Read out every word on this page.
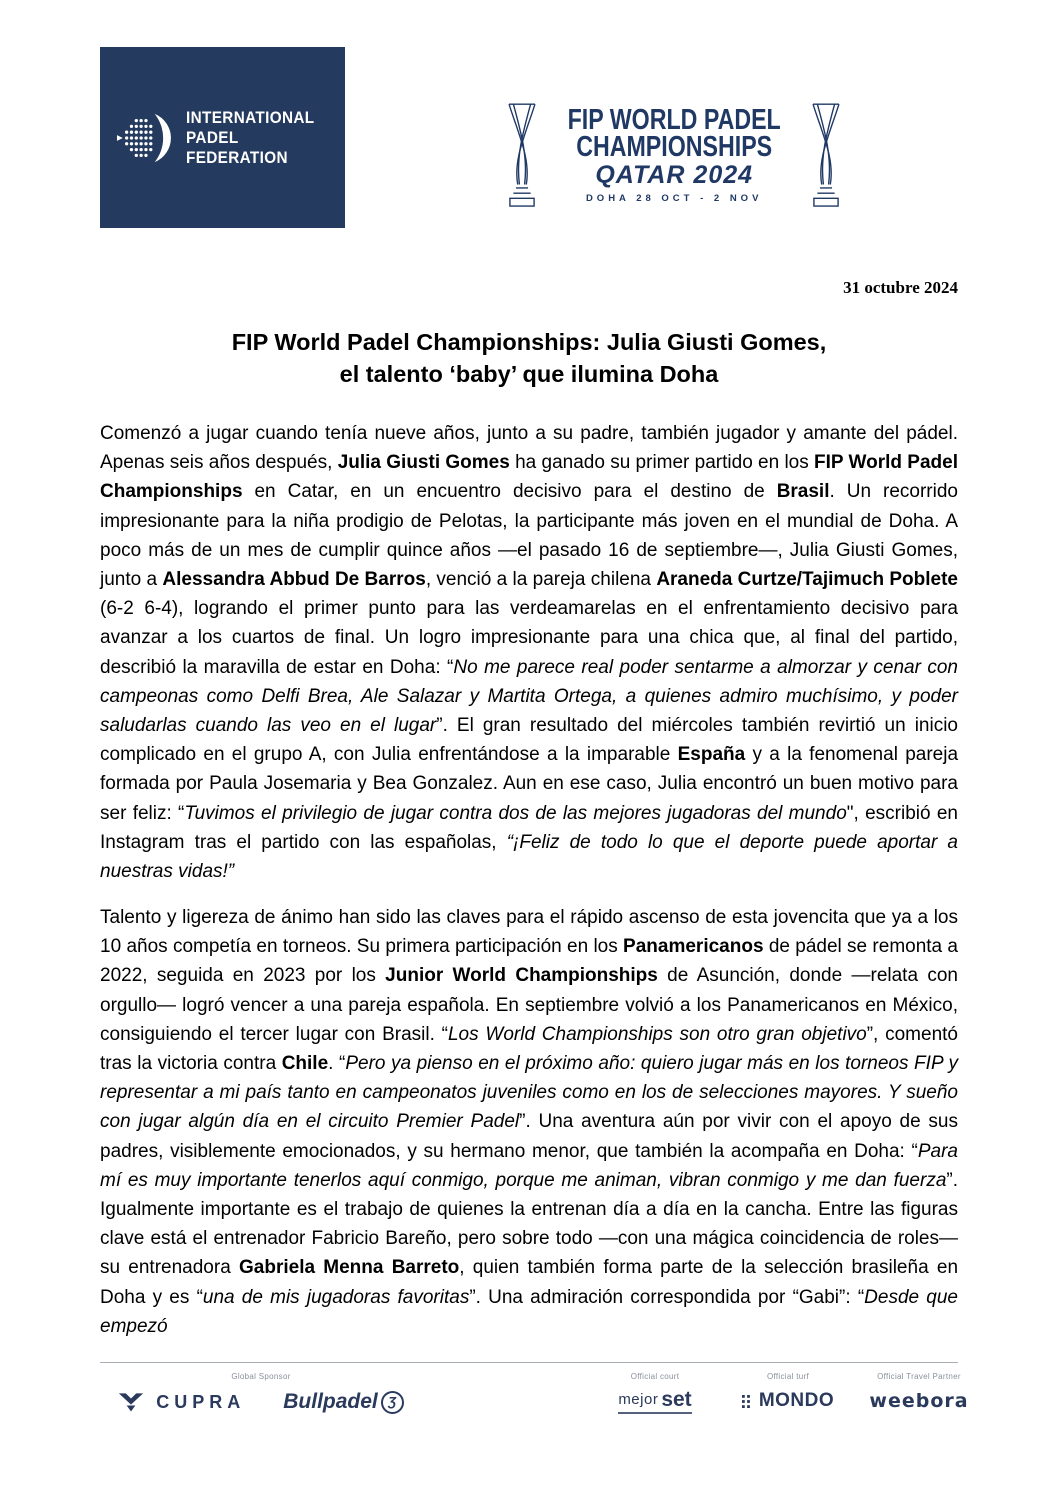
INTERNATIONAL
PADEL
FEDERATION
FIP WORLD PADEL
CHAMPIONSHIPS
QATAR 2024
DOHA 28 OCT - 2 NOV
31 octubre 2024
FIP World Padel Championships: Julia Giusti Gomes,
el talento ‘baby’ que ilumina Doha

Comenzó a jugar cuando tenía nueve años, junto a su padre, también jugador y amante del pádel. Apenas seis años después, Julia Giusti Gomes ha ganado su primer partido en los FIP World Padel Championships en Catar, en un encuentro decisivo para el destino de Brasil. Un recorrido impresionante para la niña prodigio de Pelotas, la participante más joven en el mundial de Doha. A poco más de un mes de cumplir quince años —el pasado 16 de septiembre—, Julia Giusti Gomes, junto a Alessandra Abbud De Barros, venció a la pareja chilena Araneda Curtze/Tajimuch Poblete (6-2 6-4), logrando el primer punto para las verdeamarelas en el enfrentamiento decisivo para avanzar a los cuartos de final. Un logro impresionante para una chica que, al final del partido, describió la maravilla de estar en Doha: “No me parece real poder sentarme a almorzar y cenar con campeonas como Delfi Brea, Ale Salazar y Martita Ortega, a quienes admiro muchísimo, y poder saludarlas cuando las veo en el lugar”. El gran resultado del miércoles también revirtió un inicio complicado en el grupo A, con Julia enfrentándose a la imparable España y a la fenomenal pareja formada por Paula Josemaria y Bea Gonzalez. Aun en ese caso, Julia encontró un buen motivo para ser feliz: “Tuvimos el privilegio de jugar contra dos de las mejores jugadoras del mundo", escribió en Instagram tras el partido con las españolas, “¡Feliz de todo lo que el deporte puede aportar a nuestras vidas!”

Talento y ligereza de ánimo han sido las claves para el rápido ascenso de esta jovencita que ya a los 10 años competía en torneos. Su primera participación en los Panamericanos de pádel se remonta a 2022, seguida en 2023 por los Junior World Championships de Asunción, donde —relata con orgullo— logró vencer a una pareja española. En septiembre volvió a los Panamericanos en México, consiguiendo el tercer lugar con Brasil. “Los World Championships son otro gran objetivo”, comentó tras la victoria contra Chile. “Pero ya pienso en el próximo año: quiero jugar más en los torneos FIP y representar a mi país tanto en campeonatos juveniles como en los de selecciones mayores. Y sueño con jugar algún día en el circuito Premier Padel”. Una aventura aún por vivir con el apoyo de sus padres, visiblemente emocionados, y su hermano menor, que también la acompaña en Doha: “Para mí es muy importante tenerlos aquí conmigo, porque me animan, vibran conmigo y me dan fuerza”. Igualmente importante es el trabajo de quienes la entrenan día a día en la cancha. Entre las figuras clave está el entrenador Fabricio Bareño, pero sobre todo —con una mágica coincidencia de roles— su entrenadora Gabriela Menna Barreto, quien también forma parte de la selección brasileña en Doha y es “una de mis jugadoras favoritas”. Una admiración correspondida por “Gabi”: “Desde que empezó

Global Sponsor
CUPRA Bullpadel Ʒ
Official court
mejor set
Official turf
MONDO
Official Travel Partner
weebora
